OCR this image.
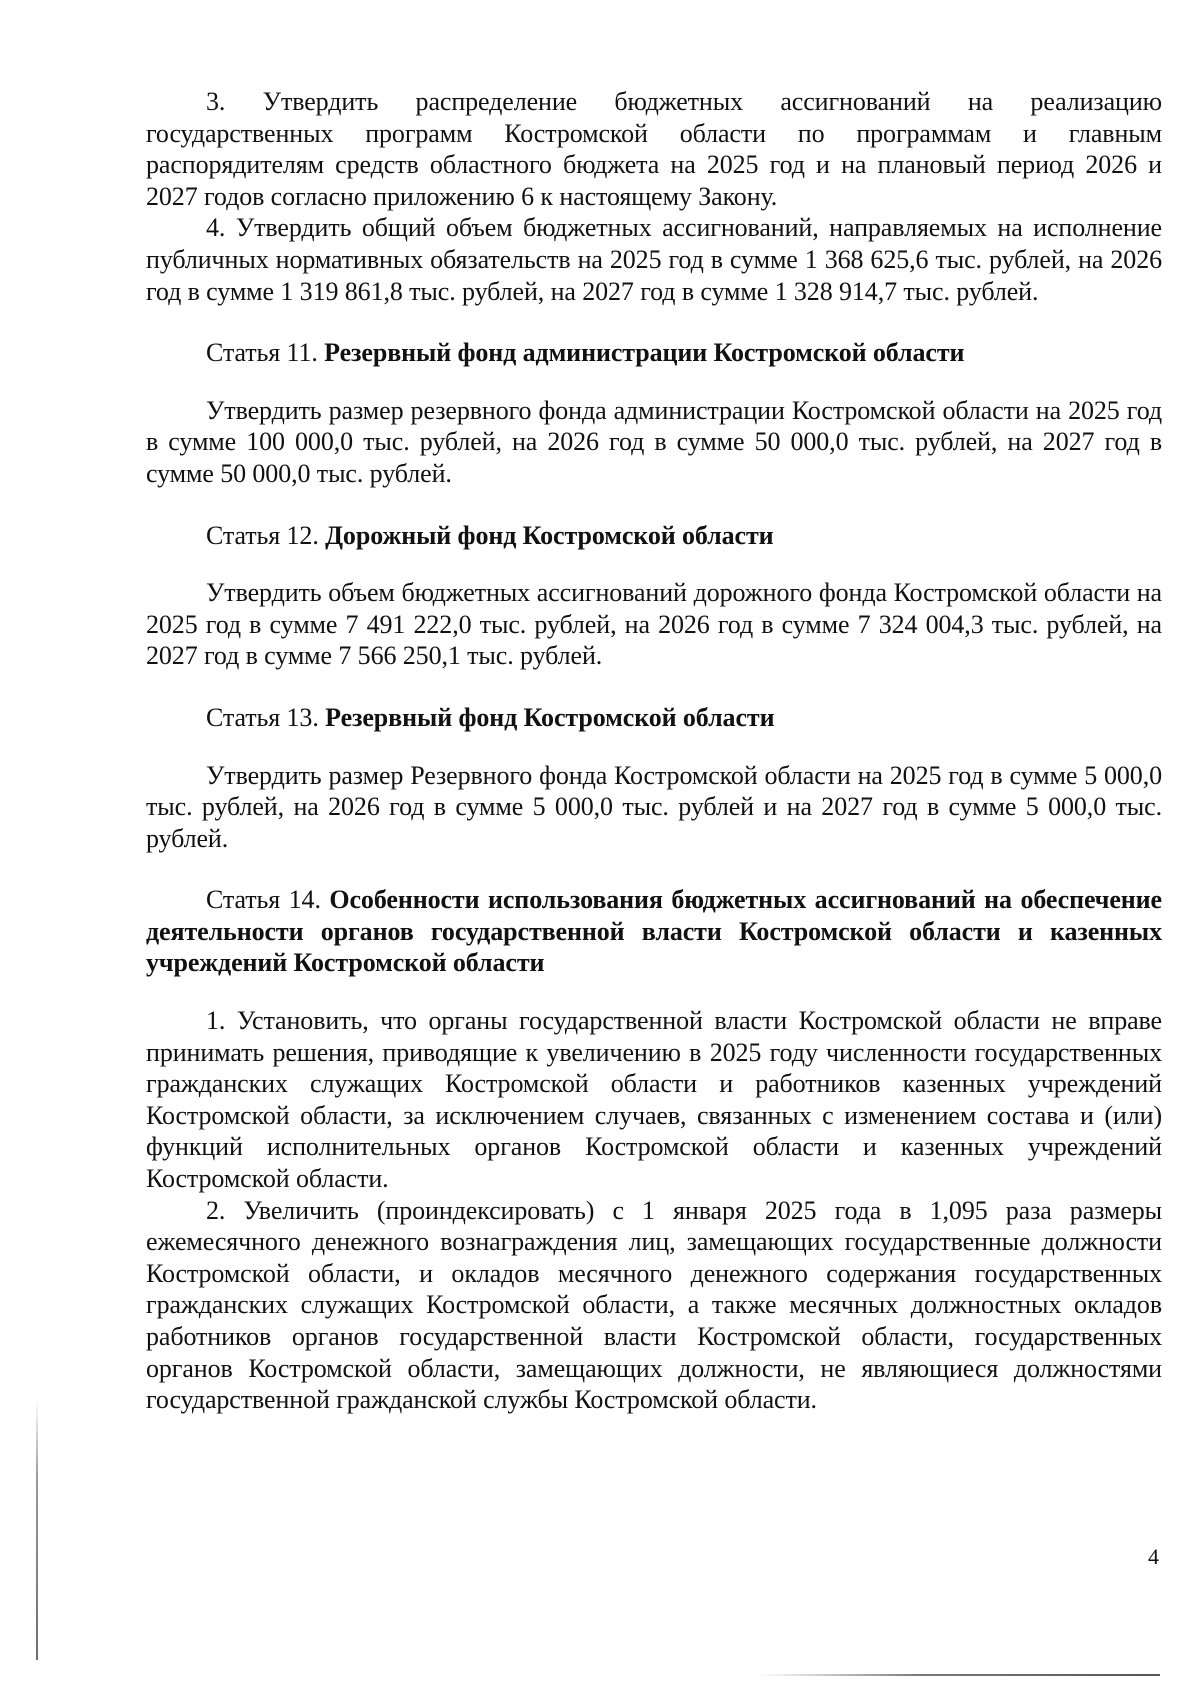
3. Утвердить распределение бюджетных ассигнований на реализацию государственных программ Костромской области по программам и главным распорядителям средств областного бюджета на 2025 год и на плановый период 2026 и 2027 годов согласно приложению 6 к настоящему Закону.

4. Утвердить общий объем бюджетных ассигнований, направляемых на исполнение публичных нормативных обязательств на 2025 год в сумме 1 368 625,6 тыс. рублей, на 2026 год в сумме 1 319 861,8 тыс. рублей, на 2027 год в сумме 1 328 914,7 тыс. рублей.

Статья 11. Резервный фонд администрации Костромской области

Утвердить размер резервного фонда администрации Костромской области на 2025 год в сумме 100 000,0 тыс. рублей, на 2026 год в сумме 50 000,0 тыс. рублей, на 2027 год в сумме 50 000,0 тыс. рублей.

Статья 12. Дорожный фонд Костромской области

Утвердить объем бюджетных ассигнований дорожного фонда Костромской области на 2025 год в сумме 7 491 222,0 тыс. рублей, на 2026 год в сумме 7 324 004,3 тыс. рублей, на 2027 год в сумме 7 566 250,1 тыс. рублей.

Статья 13. Резервный фонд Костромской области

Утвердить размер Резервного фонда Костромской области на 2025 год в сумме 5 000,0 тыс. рублей, на 2026 год в сумме 5 000,0 тыс. рублей и на 2027 год в сумме 5 000,0 тыс. рублей.

Статья 14. Особенности использования бюджетных ассигнований на обеспечение деятельности органов государственной власти Костромской области и казенных учреждений Костромской области

1. Установить, что органы государственной власти Костромской области не вправе принимать решения, приводящие к увеличению в 2025 году численности государственных гражданских служащих Костромской области и работников казенных учреждений Костромской области, за исключением случаев, связанных с изменением состава и (или) функций исполнительных органов Костромской области и казенных учреждений Костромской области.

2. Увеличить (проиндексировать) с 1 января 2025 года в 1,095 раза размеры ежемесячного денежного вознаграждения лиц, замещающих государственные должности Костромской области, и окладов месячного денежного содержания государственных гражданских служащих Костромской области, а также месячных должностных окладов работников органов государственной власти Костромской области, государственных органов Костромской области, замещающих должности, не являющиеся должностями государственной гражданской службы Костромской области.

4
